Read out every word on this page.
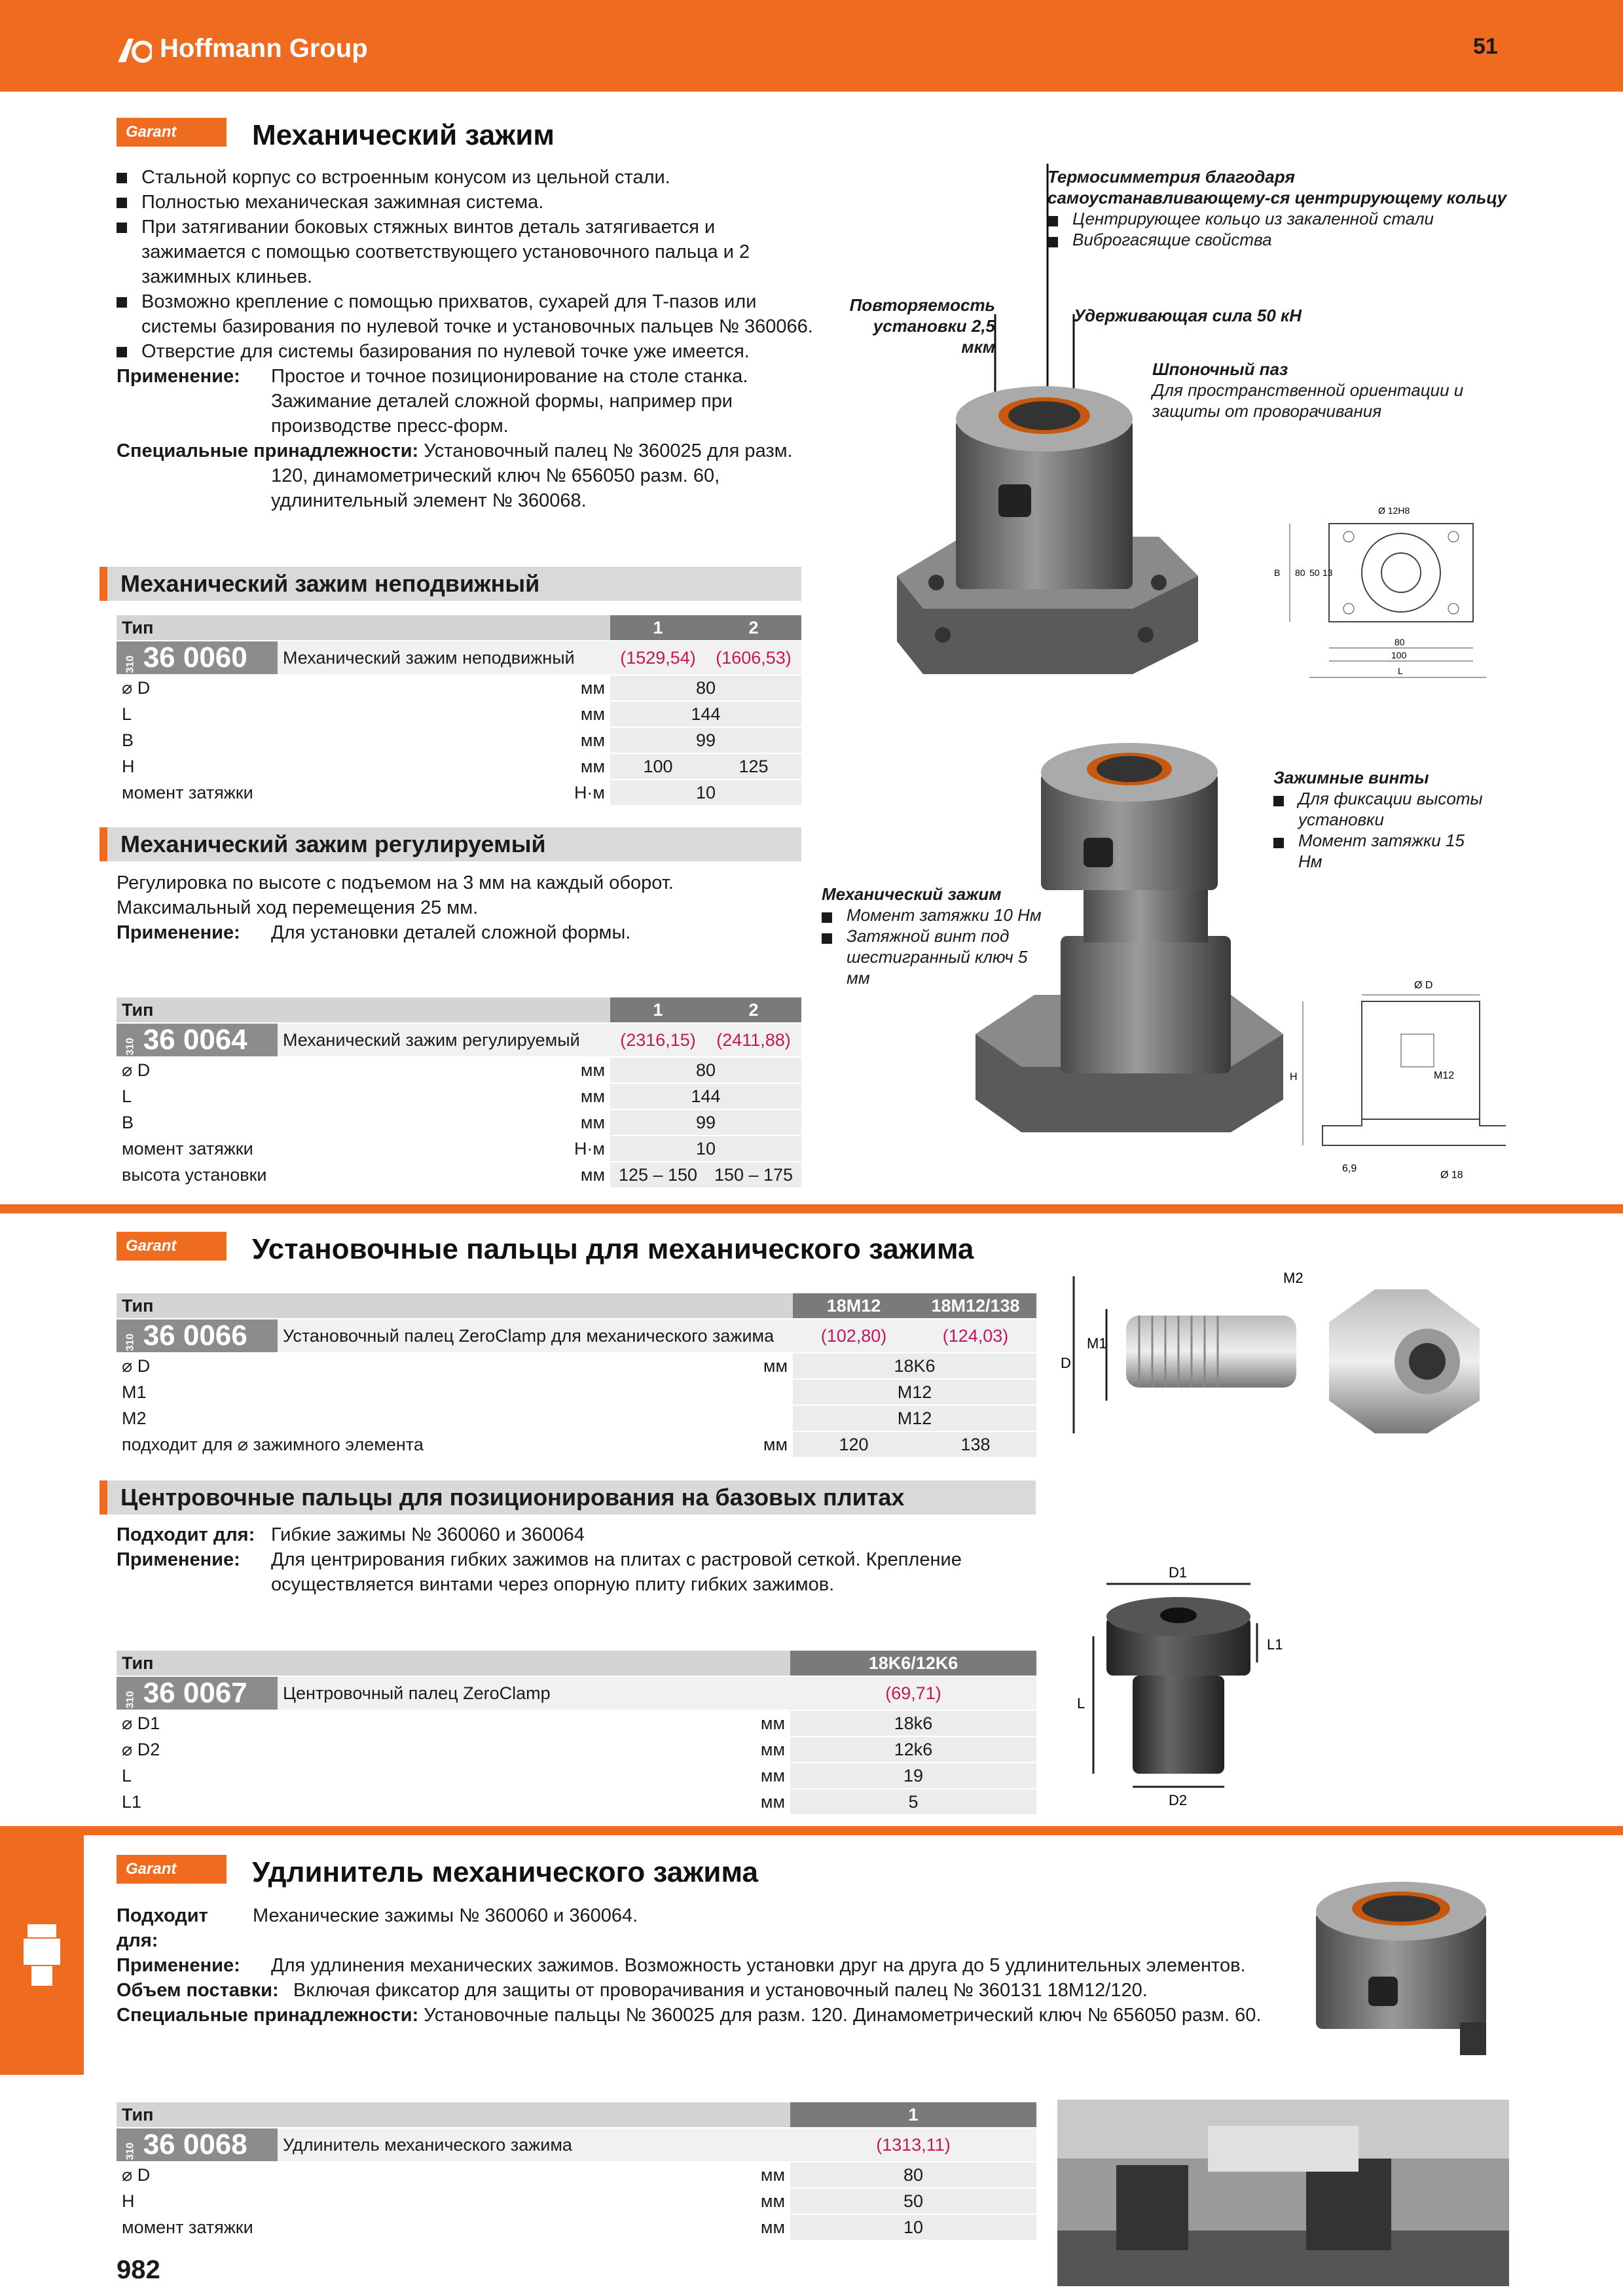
Hoffmann Group	51	RUE
Garant	Механический зажим
Стальной корпус со встроенным конусом из цельной стали.
Полностью механическая зажимная система.
При затягивании боковых стяжных винтов деталь затягивается и зажимается с помощью соответствующего установочного пальца и 2 зажимных клиньев.
Возможно крепление с помощью прихватов, сухарей для T-пазов или системы базирования по нулевой точке и установочных пальцев № 360066.
Отверстие для системы базирования по нулевой точке уже имеется.
Применение:	Простое и точное позиционирование на столе станка. Зажимание деталей сложной формы, например при производстве пресс-форм.
Специальные принадлежности: Установочный палец № 360025 для разм. 120, динамометрический ключ № 656050 разм. 60, удлинительный элемент № 360068.
Термосимметрия благодаря самоустанавливающему-ся центрирующему кольцу
Центрирующее кольцо из закаленной стали
Виброгасящие свойства
Повторяемость установки 2,5 мкм
Удерживающая сила 50 кН
Шпоночный паз
Для пространственной ориентации и защиты от проворачивания
Ø 12H8
B 80 50 13
80
100
L
Механический зажим неподвижный
Тип		1	2
310 36 0060	Механический зажим неподвижный	(1529,54)	(1606,53)
⌀ D	мм	80	
L	мм	144	
B	мм	99	
H	мм	100	125
момент затяжки	Н·м	10	
Механический зажим регулируемый
Регулировка по высоте с подъемом на 3 мм на каждый оборот.
Максимальный ход перемещения 25 мм.
Применение:	Для установки деталей сложной формы.
Тип		1	2
310 36 0064	Механический зажим регулируемый	(2316,15)	(2411,88)
⌀ D	мм	80	
L	мм	144	
B	мм	99	
момент затяжки	Н·м	10	
высота установки	мм	125 – 150	150 – 175
Зажимные винты
Для фиксации высоты установки
Момент затяжки 15 Нм
Механический зажим
Момент затяжки 10 Нм
Затяжной винт под шестигранный ключ 5 мм	Ø D
H	M12
6,9
Ø 18
Garant	Установочные пальцы для механического зажима
Тип			18M12	18M12/138
310 36 0066	Установочный палец ZeroClamp для механического зажима		(102,80)	(124,03)
⌀ D		мм	18K6	
M1			M12	
M2			M12	
подходит для ⌀ зажимного элемента		мм	120	138
M2
M1
D
Центровочные пальцы для позиционирования на базовых плитах
Подходит для: Гибкие зажимы № 360060 и 360064
Применение:	Для центрирования гибких зажимов на плитах с растровой сеткой. Крепление осуществляется винтами через опорную плиту гибких зажимов.
Тип		18K6/12K6
310 36 0067	Центровочный палец ZeroClamp	(69,71)
⌀ D1	мм	18k6
⌀ D2	мм	12k6
L	мм	19
L1	мм	5
D1
L1
L
D2
Garant	Удлинитель механического зажима
Подходит для:
Механические зажимы № 360060 и 360064.
Применение:	Для удлинения механических зажимов. Возможность установки друг на друга до 5 удлинительных элементов.
Объем поставки: Включая фиксатор для защиты от проворачивания и установочный палец № 360131 18M12/120.
Специальные принадлежности: Установочные пальцы № 360025 для разм. 120. Динамометрический ключ № 656050 разм. 60.
Тип		1
310 36 0068	Удлинитель механического зажима	(1313,11)
⌀ D	мм	80
H	мм	50
момент затяжки	мм	10
982
